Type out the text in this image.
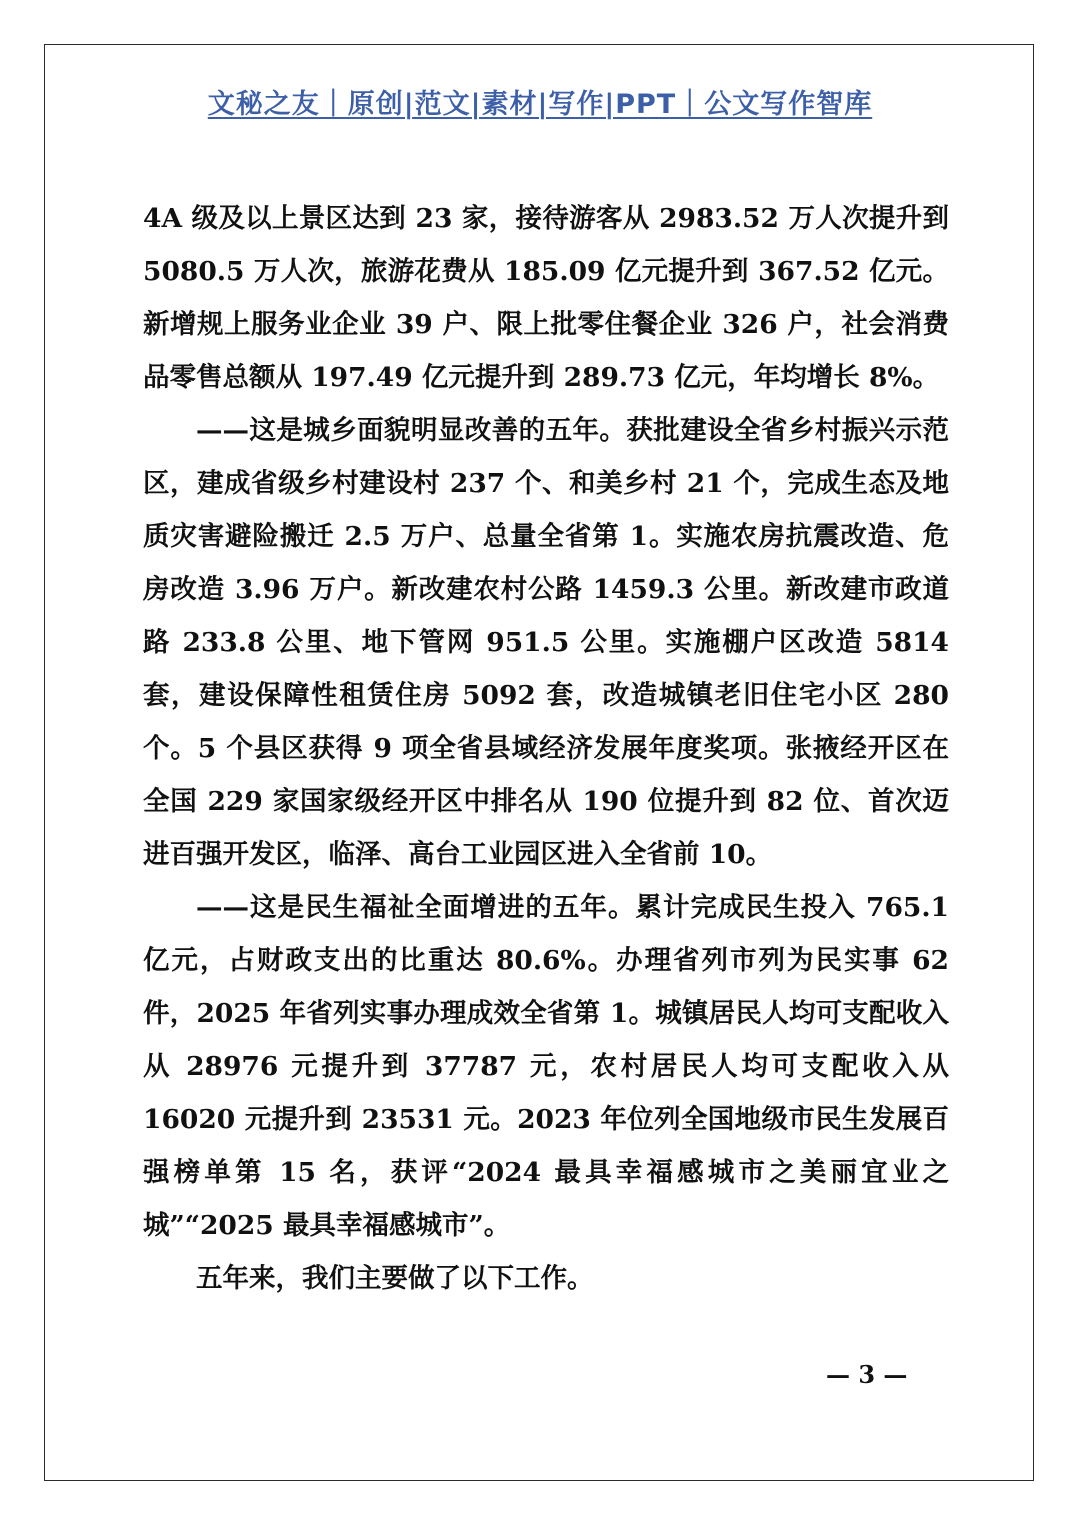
文秘之友｜原创|范文|素材|写作|PPT｜公文写作智库

4A 级及以上景区达到 23 家，接待游客从 2983.52 万人次提升到 5080.5 万人次，旅游花费从 185.09 亿元提升到 367.52 亿元。新增规上服务业企业 39 户、限上批零住餐企业 326 户，社会消费品零售总额从 197.49 亿元提升到 289.73 亿元，年均增长 8%。

——这是城乡面貌明显改善的五年。获批建设全省乡村振兴示范区，建成省级乡村建设村 237 个、和美乡村 21 个，完成生态及地质灾害避险搬迁 2.5 万户、总量全省第 1。实施农房抗震改造、危房改造 3.96 万户。新改建农村公路 1459.3 公里。新改建市政道路 233.8 公里、地下管网 951.5 公里。实施棚户区改造 5814 套，建设保障性租赁住房 5092 套，改造城镇老旧住宅小区 280 个。5 个县区获得 9 项全省县域经济发展年度奖项。张掖经开区在全国 229 家国家级经开区中排名从 190 位提升到 82 位、首次迈进百强开发区，临泽、高台工业园区进入全省前 10。

——这是民生福祉全面增进的五年。累计完成民生投入 765.1 亿元，占财政支出的比重达 80.6%。办理省列市列为民实事 62 件，2025 年省列实事办理成效全省第 1。城镇居民人均可支配收入从 28976 元提升到 37787 元，农村居民人均可支配收入从 16020 元提升到 23531 元。2023 年位列全国地级市民生发展百强榜单第 15 名，获评“2024 最具幸福感城市之美丽宜业之城”“2025 最具幸福感城市”。

五年来，我们主要做了以下工作。

— 3 —
